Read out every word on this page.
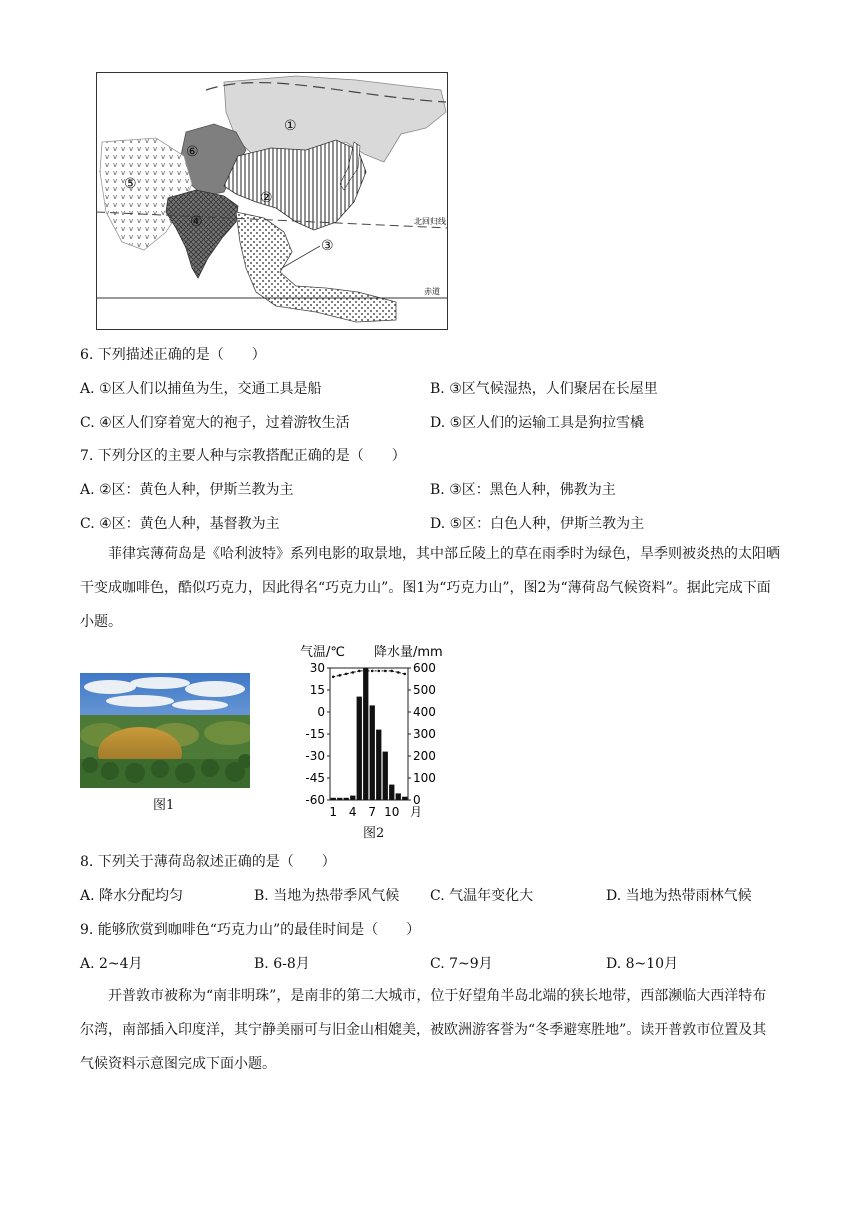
①
②
③
④
⑤
⑥
北回归线
赤道
6. 下列描述正确的是（　　）
A. ①区人们以捕鱼为生，交通工具是船	B. ③区气候湿热，人们聚居在长屋里
C. ④区人们穿着宽大的袍子，过着游牧生活	D. ⑤区人们的运输工具是狗拉雪橇
7. 下列分区的主要人种与宗教搭配正确的是（　　）
A. ②区：黄色人种，伊斯兰教为主	B. ③区：黑色人种，佛教为主
C. ④区：黄色人种，基督教为主	D. ⑤区：白色人种，伊斯兰教为主
菲律宾薄荷岛是《哈利波特》系列电影的取景地，其中部丘陵上的草在雨季时为绿色，旱季则被炎热的太阳晒干变成咖啡色，酷似巧克力，因此得名“巧克力山”。图1为“巧克力山”，图2为“薄荷岛气候资料”。据此完成下面小题。
图1
气温/℃ 降水量/mm
30
15
0
-15
-30
-45
-60
600
500
400
300
200
100
0
1 4 7 10 月
图2
8. 下列关于薄荷岛叙述正确的是（　　）
A. 降水分配均匀	B. 当地为热带季风气候 C. 气温年变化大	D. 当地为热带雨林气候
9. 能够欣赏到咖啡色“巧克力山”的最佳时间是（　　）
A. 2~4月	B. 6-8月	C. 7~9月	D. 8~10月
开普敦市被称为“南非明珠”，是南非的第二大城市，位于好望角半岛北端的狭长地带，西部濒临大西洋特布尔湾，南部插入印度洋，其宁静美丽可与旧金山相媲美，被欧洲游客誉为“冬季避寒胜地”。读开普敦市位置及其气候资料示意图完成下面小题。
